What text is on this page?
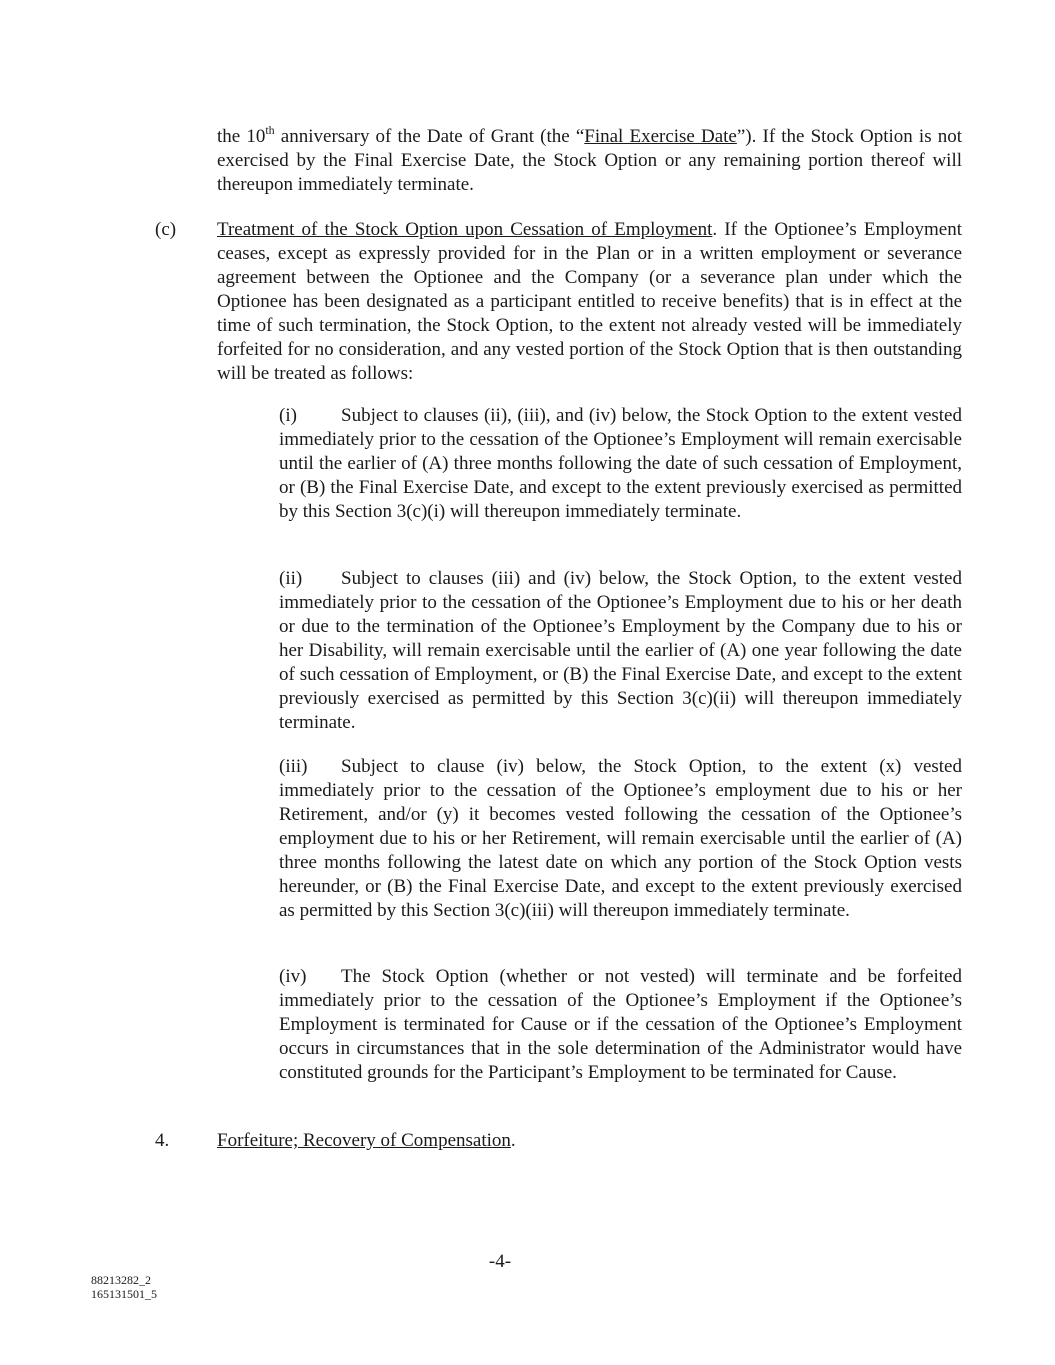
the 10th anniversary of the Date of Grant (the “Final Exercise Date”). If the Stock Option is not exercised by the Final Exercise Date, the Stock Option or any remaining portion thereof will thereupon immediately terminate.
(c) Treatment of the Stock Option upon Cessation of Employment. If the Optionee’s Employment ceases, except as expressly provided for in the Plan or in a written employment or severance agreement between the Optionee and the Company (or a severance plan under which the Optionee has been designated as a participant entitled to receive benefits) that is in effect at the time of such termination, the Stock Option, to the extent not already vested will be immediately forfeited for no consideration, and any vested portion of the Stock Option that is then outstanding will be treated as follows:
(i) Subject to clauses (ii), (iii), and (iv) below, the Stock Option to the extent vested immediately prior to the cessation of the Optionee’s Employment will remain exercisable until the earlier of (A) three months following the date of such cessation of Employment, or (B) the Final Exercise Date, and except to the extent previously exercised as permitted by this Section 3(c)(i) will thereupon immediately terminate.
(ii) Subject to clauses (iii) and (iv) below, the Stock Option, to the extent vested immediately prior to the cessation of the Optionee’s Employment due to his or her death or due to the termination of the Optionee’s Employment by the Company due to his or her Disability, will remain exercisable until the earlier of (A) one year following the date of such cessation of Employment, or (B) the Final Exercise Date, and except to the extent previously exercised as permitted by this Section 3(c)(ii) will thereupon immediately terminate.
(iii) Subject to clause (iv) below, the Stock Option, to the extent (x) vested immediately prior to the cessation of the Optionee’s employment due to his or her Retirement, and/or (y) it becomes vested following the cessation of the Optionee’s employment due to his or her Retirement, will remain exercisable until the earlier of (A) three months following the latest date on which any portion of the Stock Option vests hereunder, or (B) the Final Exercise Date, and except to the extent previously exercised as permitted by this Section 3(c)(iii) will thereupon immediately terminate.
(iv) The Stock Option (whether or not vested) will terminate and be forfeited immediately prior to the cessation of the Optionee’s Employment if the Optionee’s Employment is terminated for Cause or if the cessation of the Optionee’s Employment occurs in circumstances that in the sole determination of the Administrator would have constituted grounds for the Participant’s Employment to be terminated for Cause.
4.	Forfeiture; Recovery of Compensation.
-4-
88213282_2
165131501_5
